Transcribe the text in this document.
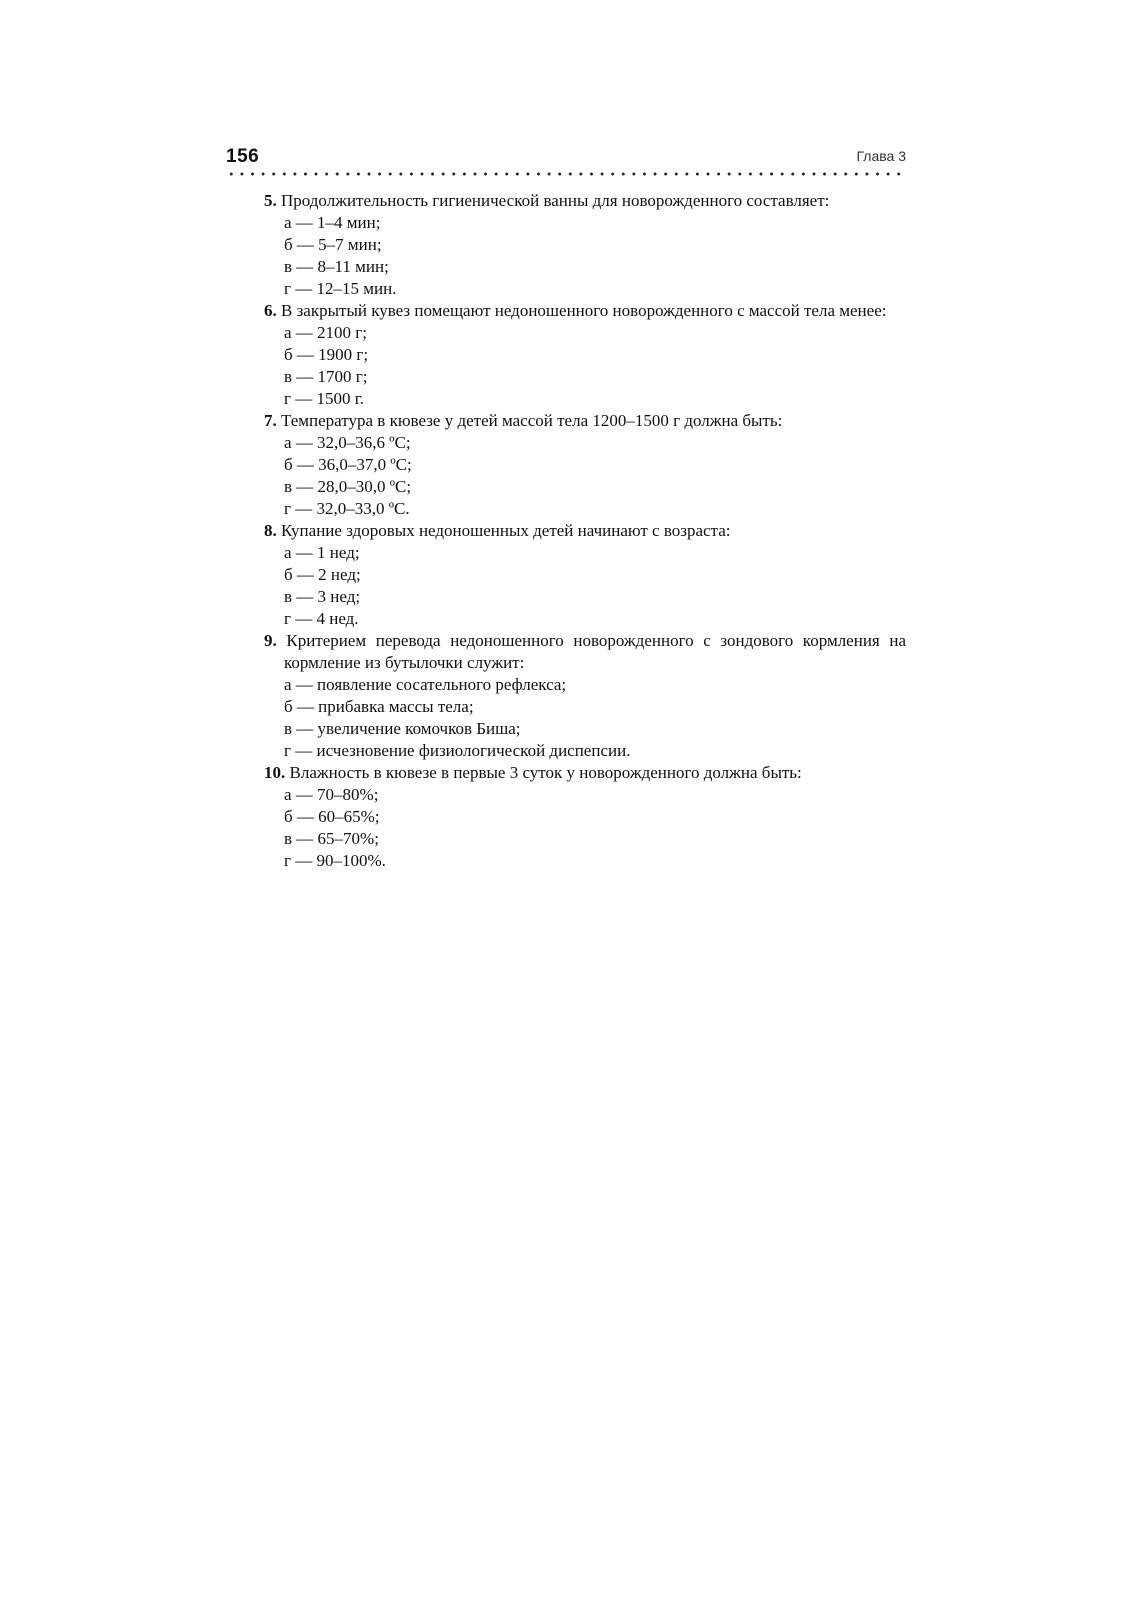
156	Глава 3
5. Продолжительность гигиенической ванны для новорожденного составляет:
а — 1–4 мин;
б — 5–7 мин;
в — 8–11 мин;
г — 12–15 мин.
6. В закрытый кувез помещают недоношенного новорожденного с массой тела менее:
а — 2100 г;
б — 1900 г;
в — 1700 г;
г — 1500 г.
7. Температура в кювезе у детей массой тела 1200–1500 г должна быть:
а — 32,0–36,6 ºС;
б — 36,0–37,0 ºС;
в — 28,0–30,0 ºС;
г — 32,0–33,0 ºС.
8. Купание здоровых недоношенных детей начинают с возраста:
а — 1 нед;
б — 2 нед;
в — 3 нед;
г — 4 нед.
9. Критерием перевода недоношенного новорожденного с зондового кормления на кормление из бутылочки служит:
а — появление сосательного рефлекса;
б — прибавка массы тела;
в — увеличение комочков Биша;
г — исчезновение физиологической диспепсии.
10. Влажность в кювезе в первые 3 суток у новорожденного должна быть:
а — 70–80%;
б — 60–65%;
в — 65–70%;
г — 90–100%.
